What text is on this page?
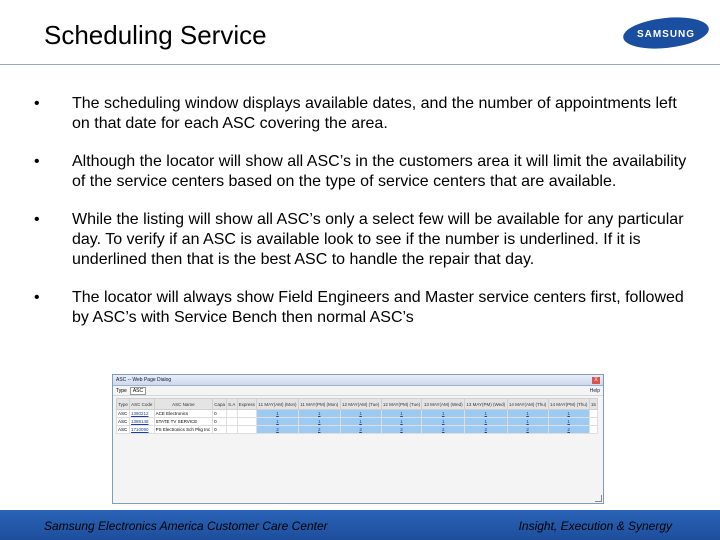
Scheduling Service	SAMSUNG
• The scheduling window displays available dates, and the number of appointments left on that date for each ASC covering the area.
• Although the locator will show all ASC’s in the customers area it will limit the availability of the service centers based on the type of service centers that are available.
• While the listing will show all ASC’s only a select few will be available for any particular day. To verify if an ASC is available look to see if the number is underlined. If it is underlined then that is the best ASC to handle the repair that day.
• The locator will always show Field Engineers and Master service centers first, followed by ASC’s with Service Bench then normal ASC’s
ASC -- Web Page Dialog	X
Type	ASC	Help
Type	ASC Code	ASC Name	Capa	S.A	Express	11 MAY(AM) (Mon)	11 MAY(PM) (Mon)	12 MAY(AM) (Tue)	12 MAY(PM) (Tue)	13 MAY(AM) (Wed)	13 MAY(PM) (Wed)	14 MAY(AM) (Thu)	14 MAY(PM) (Thu)	15
ASC	1380212	ACE Electronics	0			1	1	1	1	1	1	1	1	
ASC	1388148	STATE TV SERVICE	0			1	1	1	1	1	1	1	1	
ASC	1710090	PS Electronics Sch Pkg Inc	0			2	2	2	2	2	2	2	2	
Samsung Electronics America Customer Care Center	Insight, Execution & Synergy
